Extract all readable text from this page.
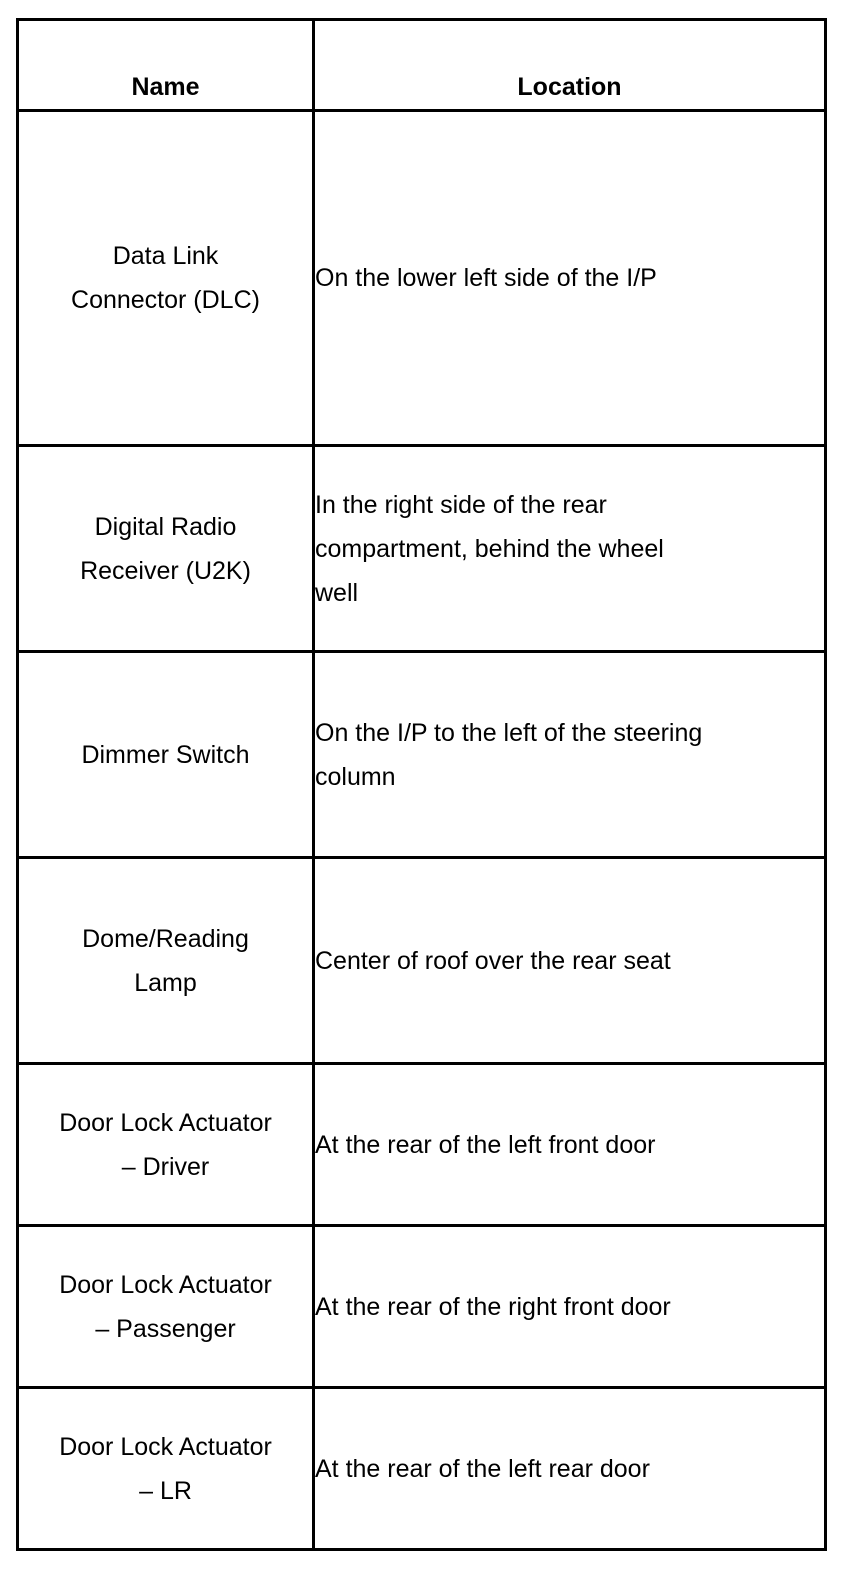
Name	Location

Data Link
Connector (DLC)	On the lower left side of the I/P

Digital Radio
Receiver (U2K)	In the right side of the rear
compartment, behind the wheel
well

Dimmer Switch	On the I/P to the left of the steering
column

Dome/Reading
Lamp	Center of roof over the rear seat

Door Lock Actuator
– Driver	At the rear of the left front door

Door Lock Actuator
– Passenger	At the rear of the right front door

Door Lock Actuator
– LR	At the rear of the left rear door
